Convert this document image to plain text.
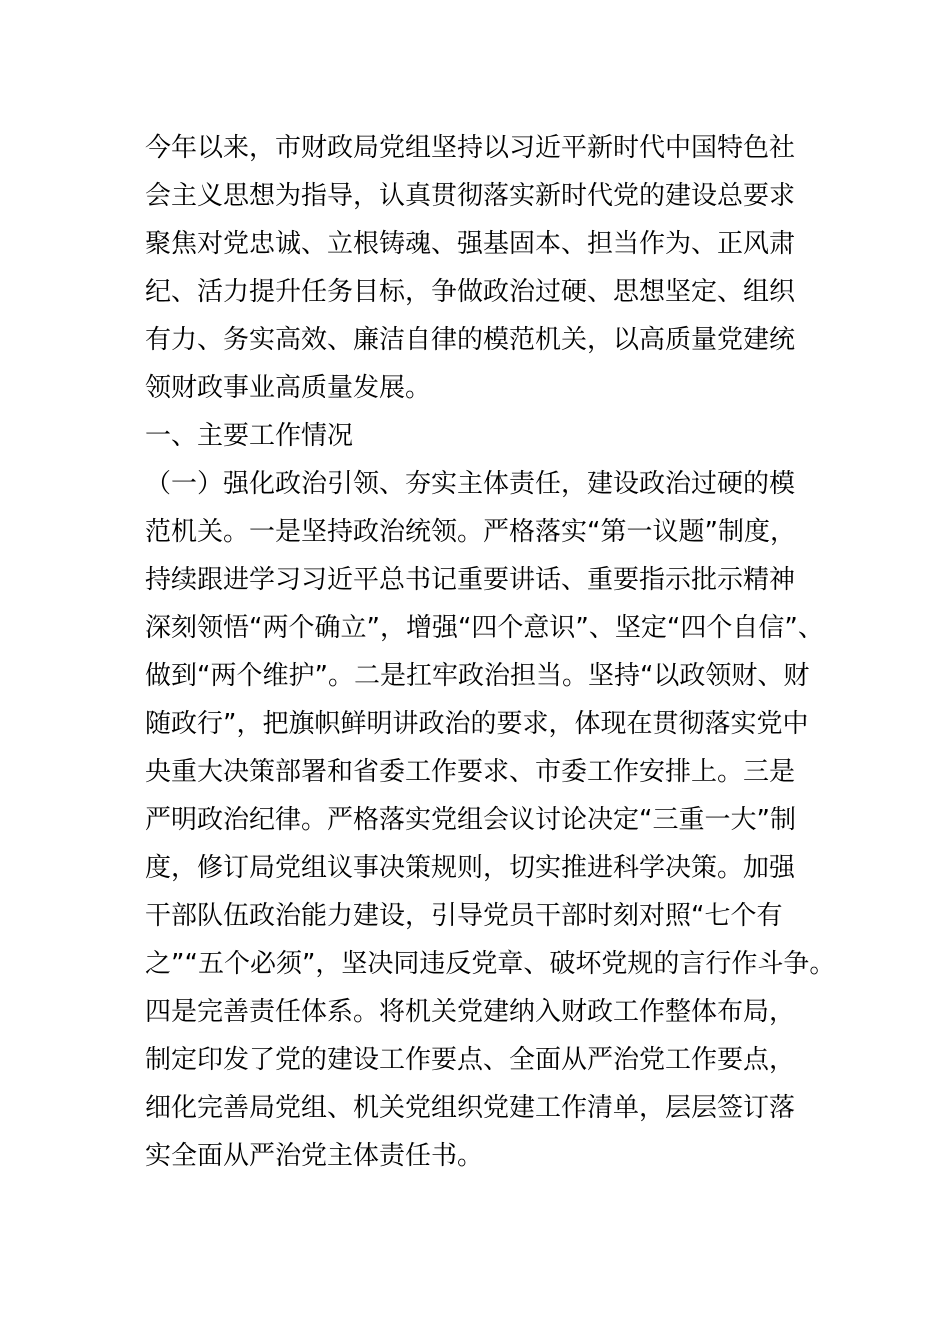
今年以来，市财政局党组坚持以习近平新时代中国特色社
会主义思想为指导，认真贯彻落实新时代党的建设总要求
聚焦对党忠诚、立根铸魂、强基固本、担当作为、正风肃
纪、活力提升任务目标，争做政治过硬、思想坚定、组织
有力、务实高效、廉洁自律的模范机关，以高质量党建统
领财政事业高质量发展。
一、主要工作情况
（一）强化政治引领、夯实主体责任，建设政治过硬的模
范机关。一是坚持政治统领。严格落实“第一议题”制度，
持续跟进学习习近平总书记重要讲话、重要指示批示精神
深刻领悟“两个确立”，增强“四个意识”、坚定“四个自信”、
做到“两个维护”。二是扛牢政治担当。坚持“以政领财、财
随政行”，把旗帜鲜明讲政治的要求，体现在贯彻落实党中
央重大决策部署和省委工作要求、市委工作安排上。三是
严明政治纪律。严格落实党组会议讨论决定“三重一大”制
度，修订局党组议事决策规则，切实推进科学决策。加强
干部队伍政治能力建设，引导党员干部时刻对照“七个有
之”“五个必须”，坚决同违反党章、破坏党规的言行作斗争。
四是完善责任体系。将机关党建纳入财政工作整体布局，
制定印发了党的建设工作要点、全面从严治党工作要点，
细化完善局党组、机关党组织党建工作清单，层层签订落
实全面从严治党主体责任书。
